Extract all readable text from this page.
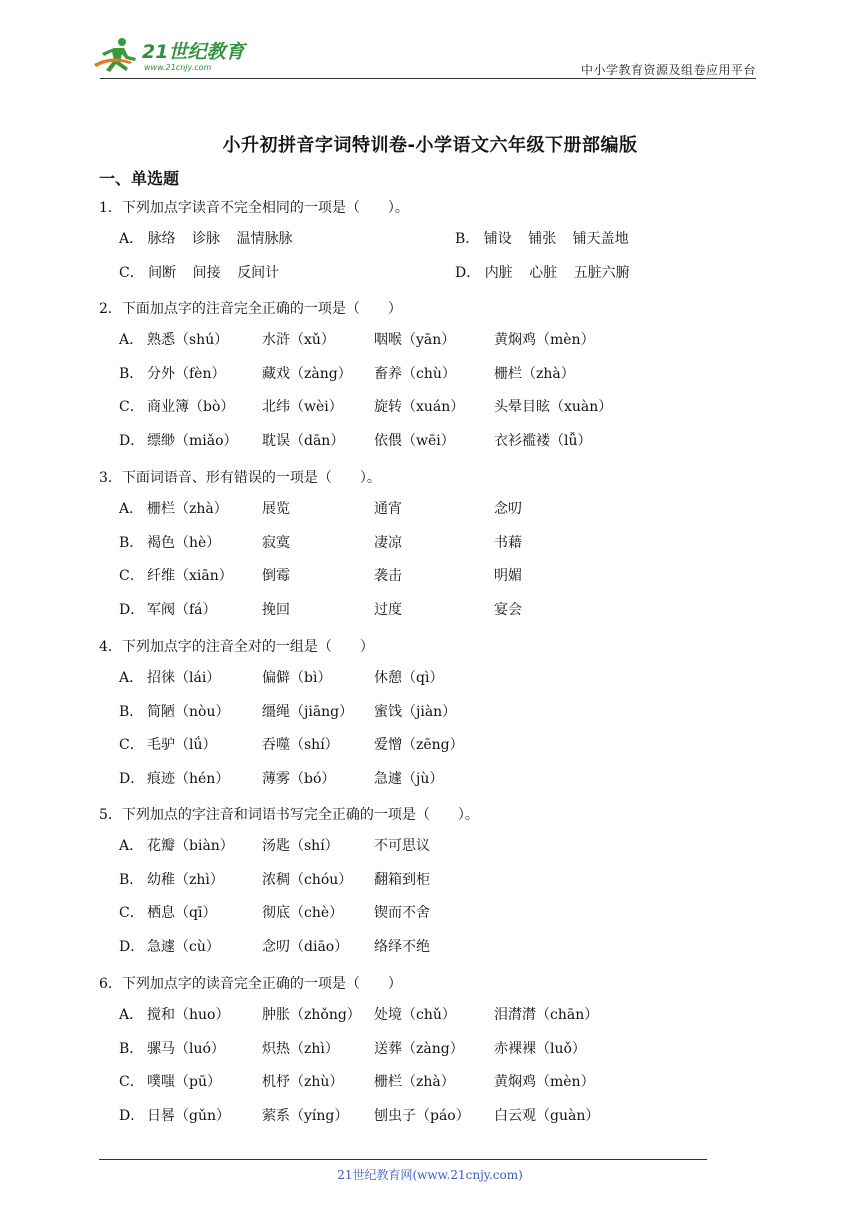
21世纪教育
www.21cnjy.com	中小学教育资源及组卷应用平台
小升初拼音字词特训卷-小学语文六年级下册部编版
一、单选题
1．下列加点字读音不完全相同的一项是（　　）。
A． 脉络 诊脉 温情脉脉	B． 铺设 铺张 铺天盖地
C． 间断 间接 反间计	D． 内脏 心脏 五脏六腑
2．下面加点字的注音完全正确的一项是（　　）
A． 熟悉（shú） 水浒（xǔ）	咽喉（yān）	黄焖鸡（mèn）
B． 分外（fèn）	藏戏（zàng） 畜养（chù）	栅栏（zhà）
C． 商业簿（bò） 北纬（wèi） 旋转（xuán） 头晕目眩（xuàn）
D． 缥缈（miǎo） 耽误（dān） 依偎（wēi）	衣衫褴褛（lǚ）
3．下面词语音、形有错误的一项是（　　）。
A． 栅栏（zhà） 展览	通宵	念叨
B． 褐色（hè）	寂寞	凄凉	书藉
C． 纤维（xiān） 倒霉	袭击	明媚
D． 军阀（fá）	挽回	过度	宴会
4．下列加点字的注音全对的一组是（　　）
A． 招徕（lái）	偏僻（bì）	休憩（qì）
B． 简陋（nòu） 缰绳（jiāng） 蜜饯（jiàn）
C． 毛驴（lǘ）	吞噬（shí）	爱憎（zēng）
D． 痕迹（hén） 薄雾（bó）	急遽（jù）
5．下列加点的字注音和词语书写完全正确的一项是（　　）。
A． 花瓣（biàn） 汤匙（shí）	不可思议
B． 幼稚（zhì）	浓稠（chóu） 翻箱到柜
C． 栖息（qī）	彻底（chè） 锲而不舍
D． 急遽（cù）	念叨（diāo） 络绎不绝
6．下列加点字的读音完全正确的一项是（　　）
A． 搅和（huo） 肿胀（zhǒng） 处境（chǔ）	泪潸潸（chān）
B． 骡马（luó）	炽热（zhì）	送葬（zàng） 赤裸裸（luǒ）
C． 噗嗤（pū）	机杼（zhù） 栅栏（zhà）	黄焖鸡（mèn）
D． 日晷（gǔn） 萦系（yíng） 刨虫子（páo） 白云观（guàn）
21世纪教育网(www.21cnjy.com)
